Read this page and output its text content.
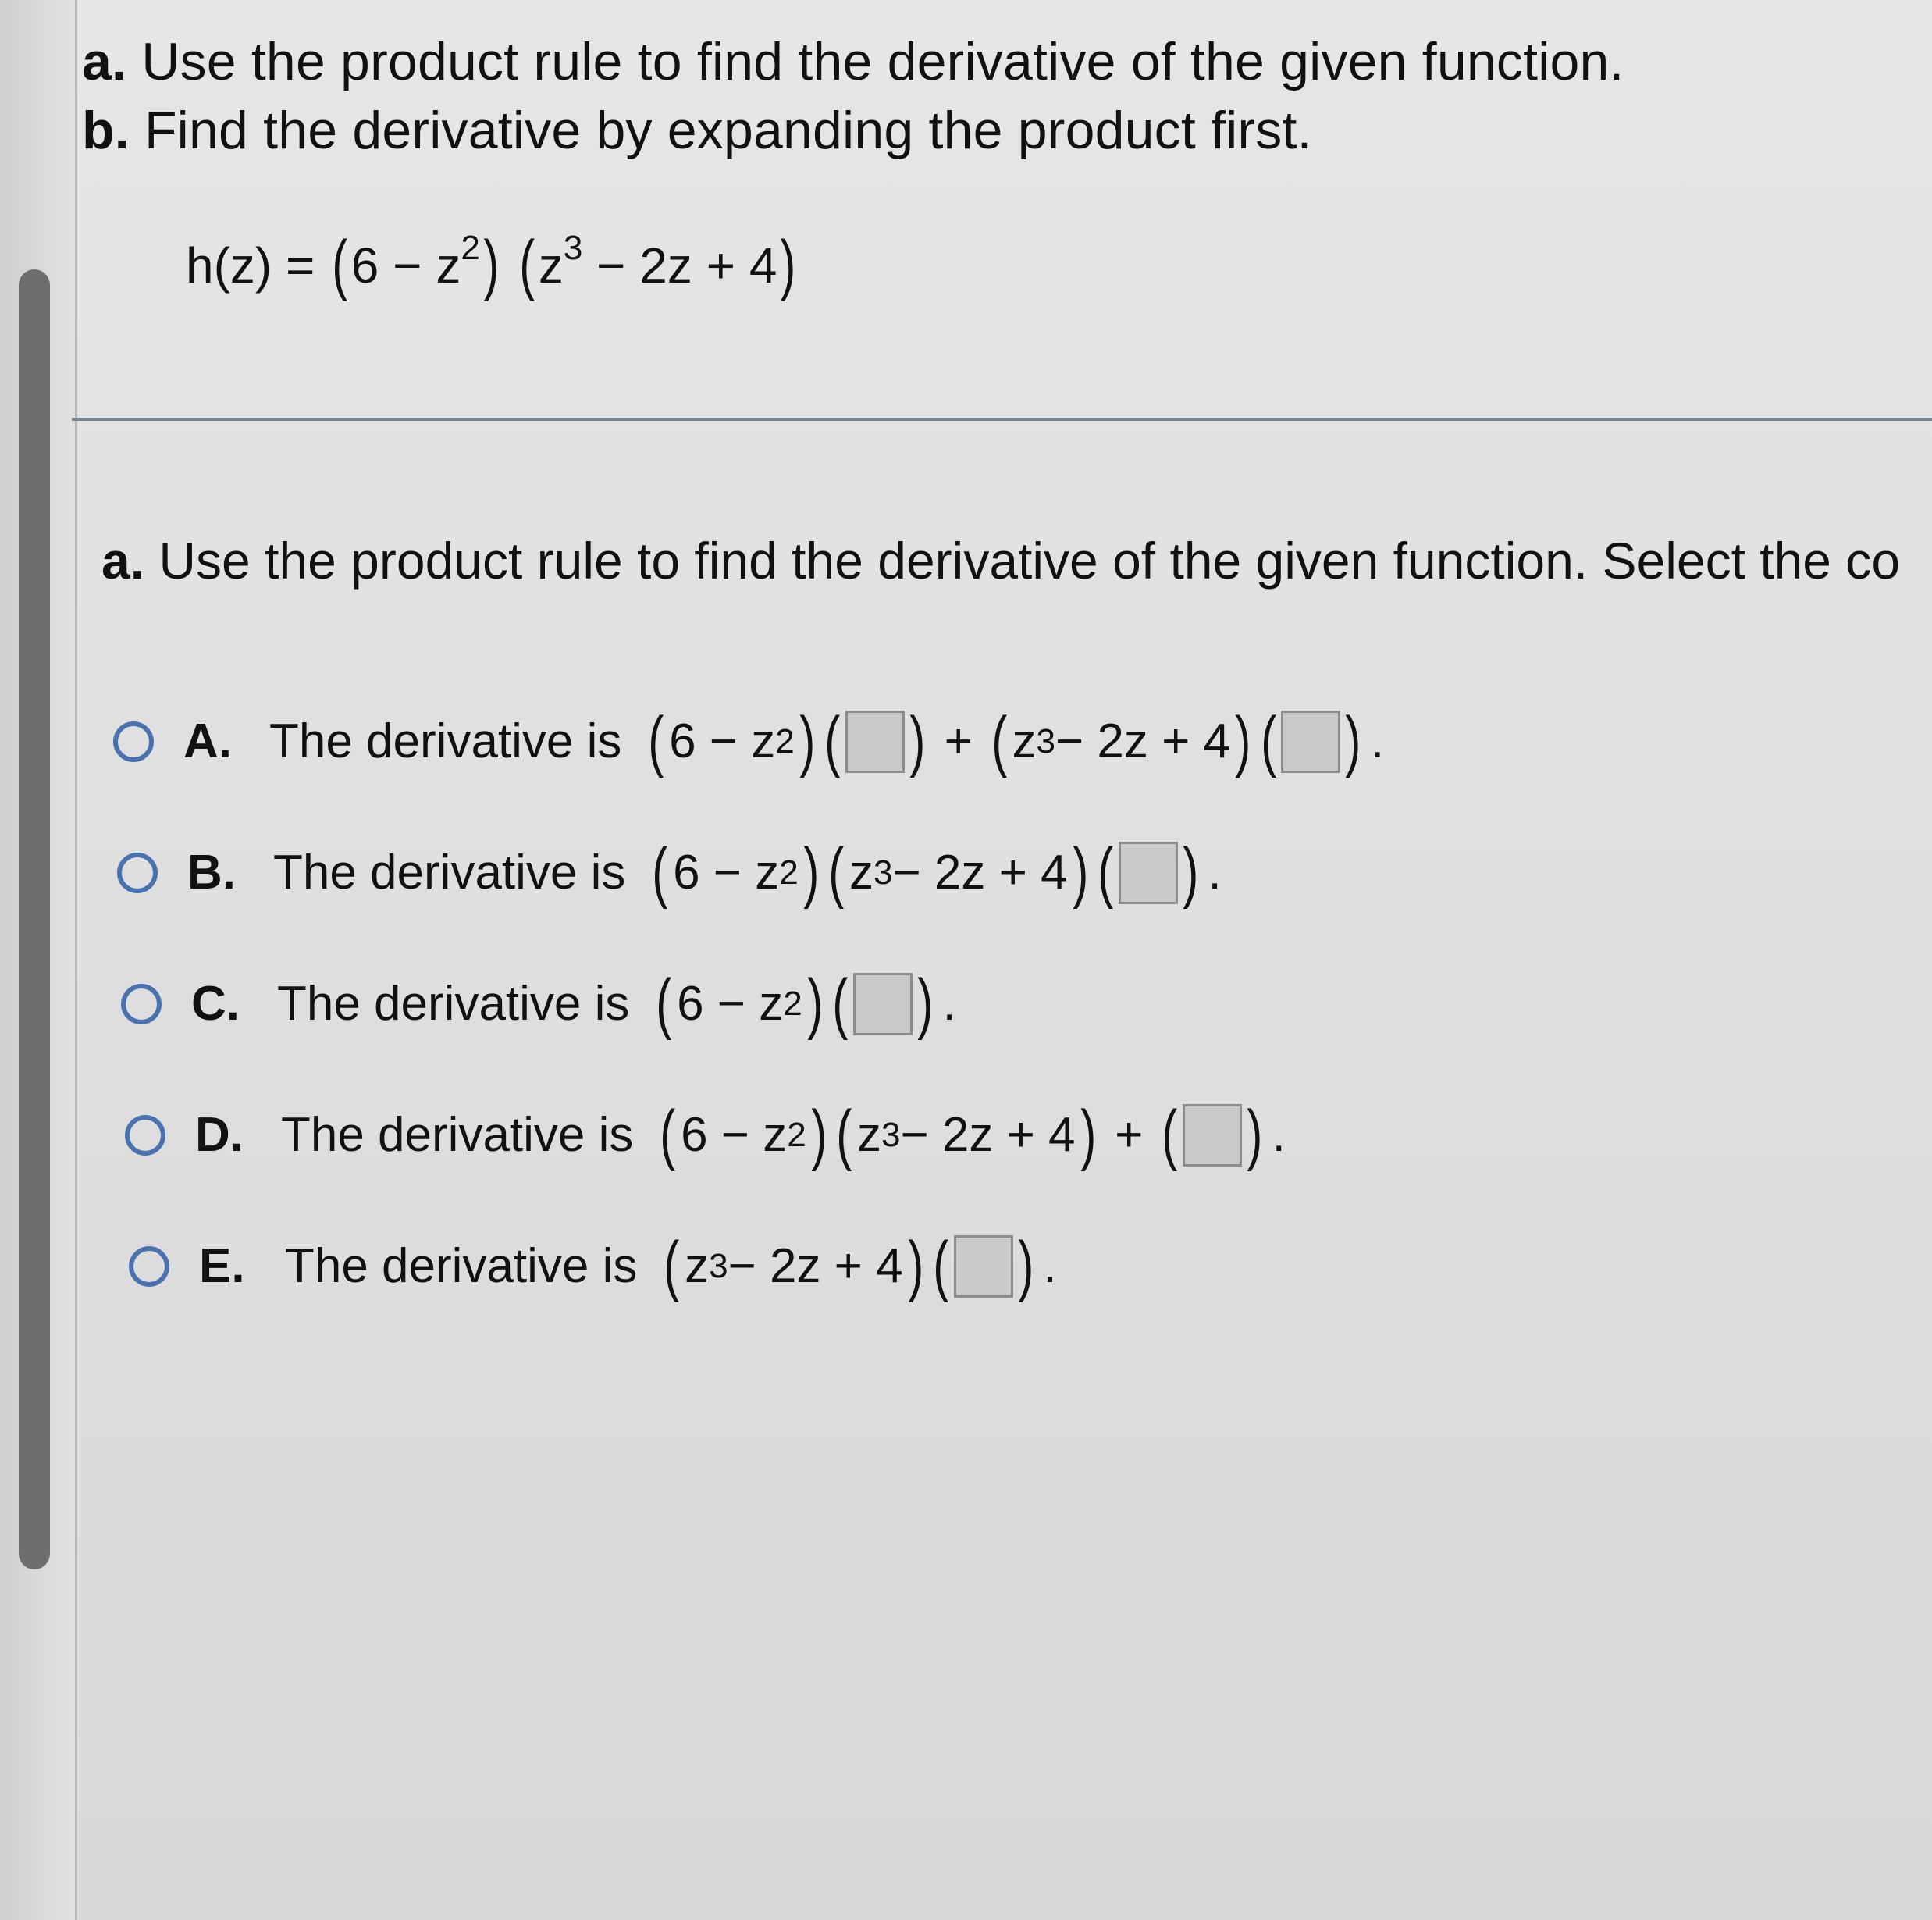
a. Use the product rule to find the derivative of the given function.
b. Find the derivative by expanding the product first.
$h(z) = (6 - z^2)$ $(z^3 - 2z + 4)$
a. Use the product rule to find the derivative of the given function. Select the co
A. The derivative is ( 6 − z 2 ) ( ) + ( z 3 − 2z + 4 ) ( ) .
B. The derivative is ( 6 − z 2 ) ( z 3 − 2z + 4 ) ( ) .
C. The derivative is ( 6 − z 2 ) ( ) .
D. The derivative is ( 6 − z 2 ) ( z 3 − 2z + 4 ) + ( ) .
E. The derivative is ( z 3 − 2z + 4 ) ( ) .
